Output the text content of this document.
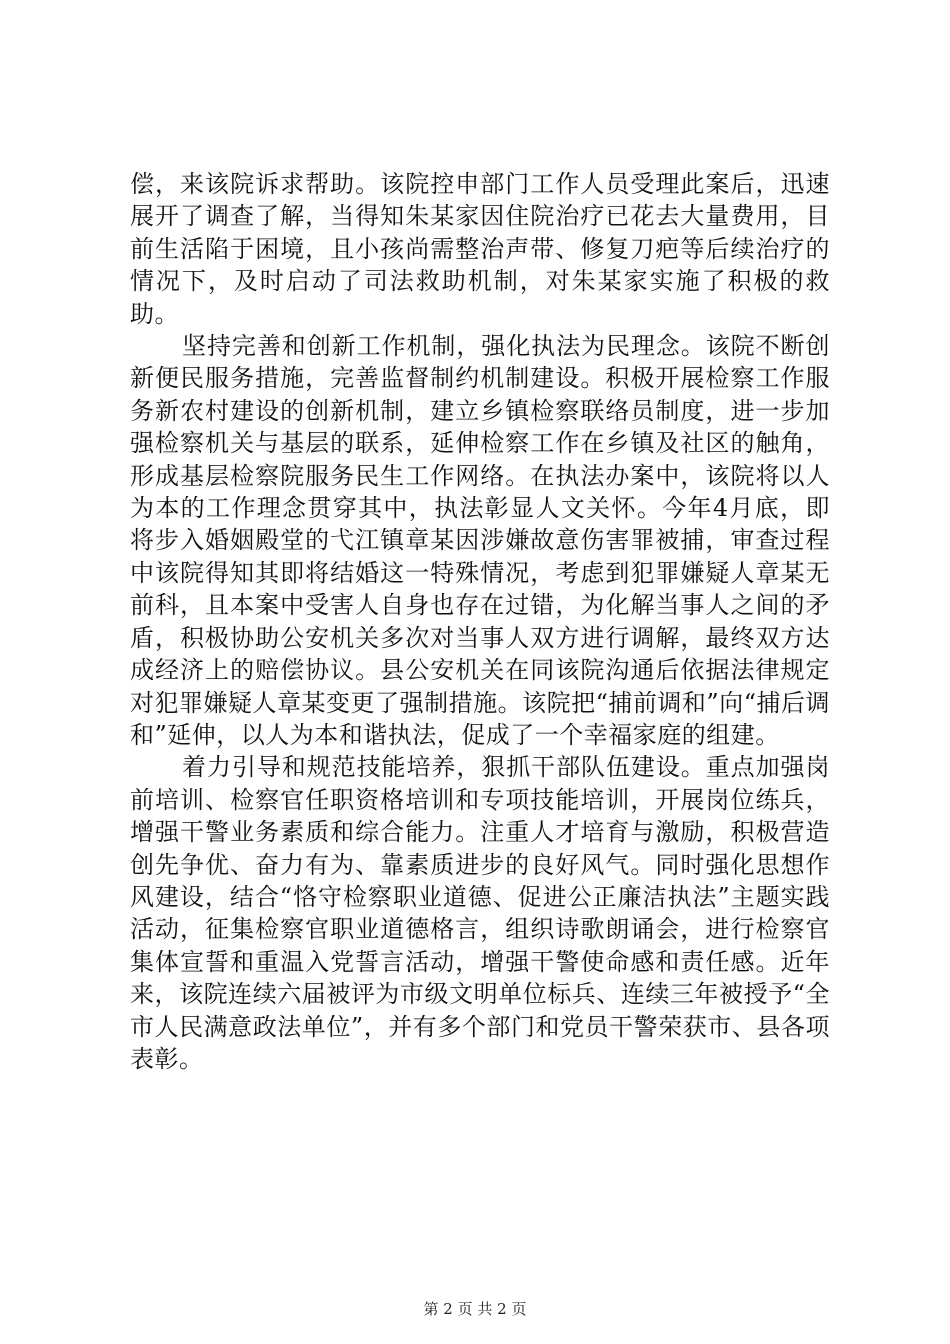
偿，来该院诉求帮助。该院控申部门工作人员受理此案后，迅速展开了调查了解，当得知朱某家因住院治疗已花去大量费用，目前生活陷于困境，且小孩尚需整治声带、修复刀疤等后续治疗的情况下，及时启动了司法救助机制，对朱某家实施了积极的救助。

坚持完善和创新工作机制，强化执法为民理念。该院不断创新便民服务措施，完善监督制约机制建设。积极开展检察工作服务新农村建设的创新机制，建立乡镇检察联络员制度，进一步加强检察机关与基层的联系，延伸检察工作在乡镇及社区的触角，形成基层检察院服务民生工作网络。在执法办案中，该院将以人为本的工作理念贯穿其中，执法彰显人文关怀。今年4月底，即将步入婚姻殿堂的弋江镇章某因涉嫌故意伤害罪被捕，审查过程中该院得知其即将结婚这一特殊情况，考虑到犯罪嫌疑人章某无前科，且本案中受害人自身也存在过错，为化解当事人之间的矛盾，积极协助公安机关多次对当事人双方进行调解，最终双方达成经济上的赔偿协议。县公安机关在同该院沟通后依据法律规定对犯罪嫌疑人章某变更了强制措施。该院把“捕前调和”向“捕后调和”延伸，以人为本和谐执法，促成了一个幸福家庭的组建。

着力引导和规范技能培养，狠抓干部队伍建设。重点加强岗前培训、检察官任职资格培训和专项技能培训，开展岗位练兵，增强干警业务素质和综合能力。注重人才培育与激励，积极营造创先争优、奋力有为、靠素质进步的良好风气。同时强化思想作风建设，结合“恪守检察职业道德、促进公正廉洁执法”主题实践活动，征集检察官职业道德格言，组织诗歌朗诵会，进行检察官集体宣誓和重温入党誓言活动，增强干警使命感和责任感。近年来，该院连续六届被评为市级文明单位标兵、连续三年被授予“全市人民满意政法单位”，并有多个部门和党员干警荣获市、县各项表彰。

第 2 页 共 2 页
